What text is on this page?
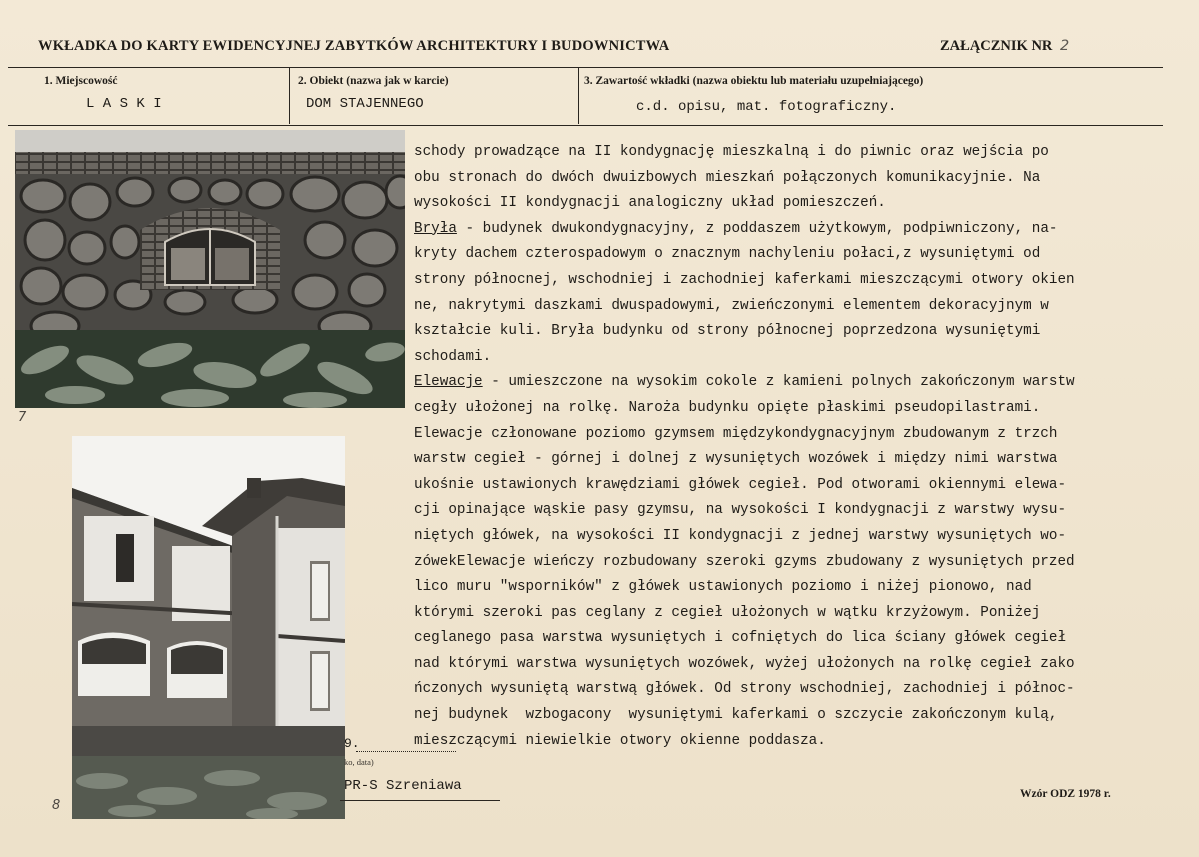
WKŁADKA DO KARTY EWIDENCYJNEJ ZABYTKÓW ARCHITEKTURY I BUDOWNICTWA	ZAŁĄCZNIK NR 2
1. Miejscowość
L A S K I
2. Obiekt (nazwa jak w karcie)
DOM STAJENNEGO
3. Zawartość wkładki (nazwa obiektu lub materiału uzupełniającego)
c.d. opisu, mat. fotograficzny.
7
8
schody prowadzące na II kondygnację mieszkalną i do piwnic oraz wejścia po
obu stronach do dwóch dwuizbowych mieszkań połączonych komunikacyjnie. Na
wysokości II kondygnacji analogiczny układ pomieszczeń.
Bryła - budynek dwukondygnacyjny, z poddaszem użytkowym, podpiwniczony, na-
kryty dachem czterospadowym o znacznym nachyleniu połaci,z wysuniętymi od
strony północnej, wschodniej i zachodniej kaferkami mieszczącymi otwory okien
ne, nakrytymi daszkami dwuspadowymi, zwieńczonymi elementem dekoracyjnym w
kształcie kuli. Bryła budynku od strony północnej poprzedzona wysuniętymi
schodami.
Elewacje - umieszczone na wysokim cokole z kamieni polnych zakończonym warstw
cegły ułożonej na rolkę. Naroża budynku opięte płaskimi pseudopilastrami.
Elewacje członowane poziomo gzymsem międzykondygnacyjnym zbudowanym z trzch
warstw cegieł - górnej i dolnej z wysuniętych wozówek i między nimi warstwa
ukośnie ustawionych krawędziami główek cegieł. Pod otworami okiennymi elewa-
cji opinające wąskie pasy gzymsu, na wysokości I kondygnacji z warstwy wysu-
niętych główek, na wysokości II kondygnacji z jednej warstwy wysuniętych wo-
zówekElewacje wieńczy rozbudowany szeroki gzyms zbudowany z wysuniętych przed
lico muru "wsporników" z główek ustawionych poziomo i niżej pionowo, nad
którymi szeroki pas ceglany z cegieł ułożonych w wątku krzyżowym. Poniżej
ceglanego pasa warstwa wysuniętych i cofniętych do lica ściany główek cegieł
nad którymi warstwa wysuniętych wozówek, wyżej ułożonych na rolkę cegieł zako
ńczonych wysuniętą warstwą główek. Od strony wschodniej, zachodniej i północ-
nej budynek  wzbogacony  wysuniętymi kaferkami o szczycie zakończonym kulą,
mieszczącymi niewielkie otwory okienne poddasza.
9.
ko, data)
PR-S Szreniawa	Wzór ODZ 1978 r.
